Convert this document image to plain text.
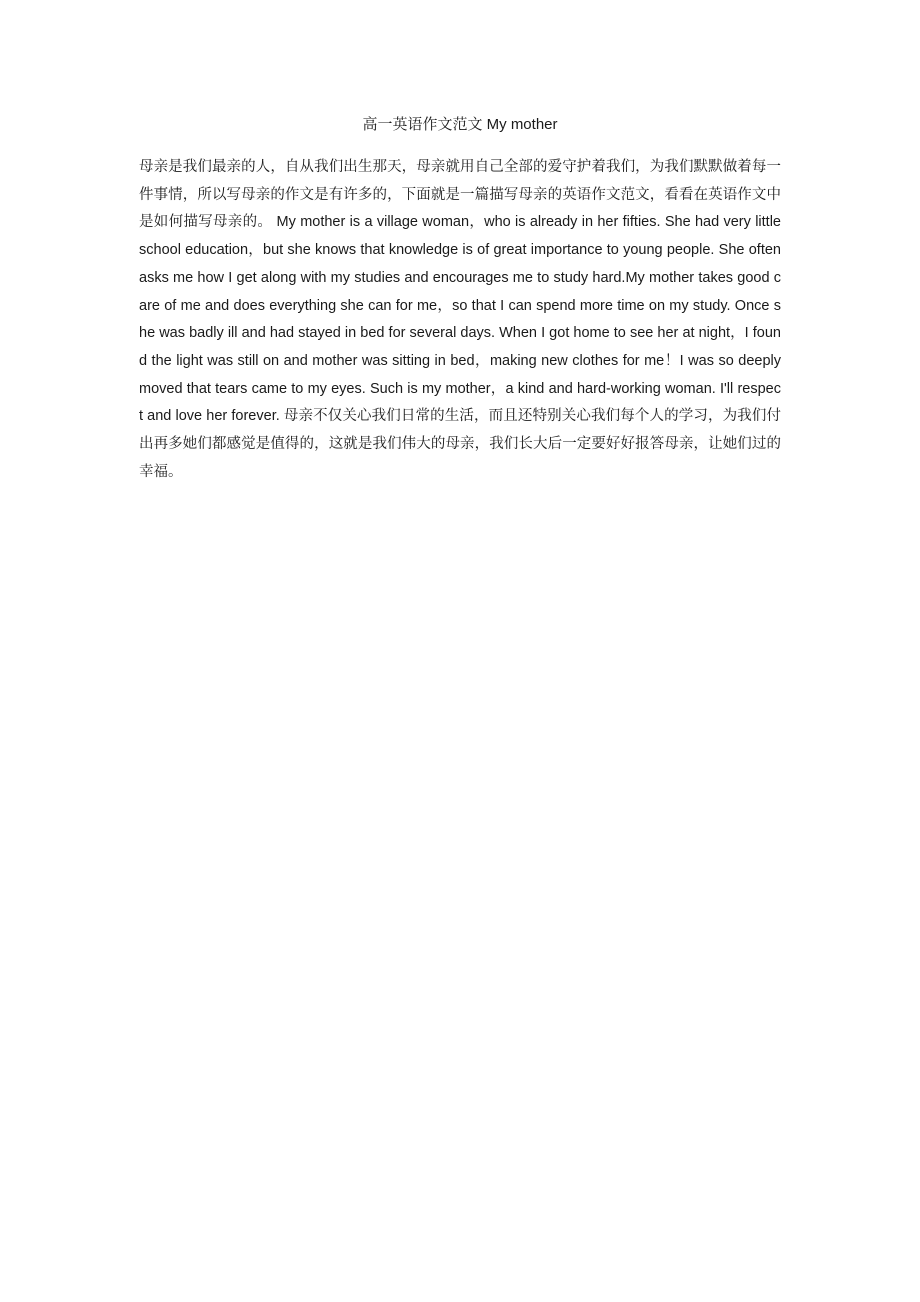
高一英语作文范文 My mother
母亲是我们最亲的人，自从我们出生那天，母亲就用自己全部的爱守护着我们，为我们默默做着每一件事情，所以写母亲的作文是有许多的，下面就是一篇描写母亲的英语作文范文，看看在英语作文中是如何描写母亲的。 My mother is a village woman，who is already in her fifties. She had very little school education，but she knows that knowledge is of great importance to young people. She often asks me how I get along with my studies and encourages me to study hard.My mother takes good care of me and does everything she can for me，so that I can spend more time on my study. Once she was badly ill and had stayed in bed for several days. When I got home to see her at night，I found the light was still on and mother was sitting in bed，making new clothes for me！I was so deeply moved that tears came to my eyes. Such is my mother，a kind and hard-working woman. I'll respect and love her forever. 母亲不仅关心我们日常的生活，而且还特别关心我们每个人的学习，为我们付出再多她们都感觉是值得的，这就是我们伟大的母亲，我们长大后一定要好好报答母亲，让她们过的幸福。
